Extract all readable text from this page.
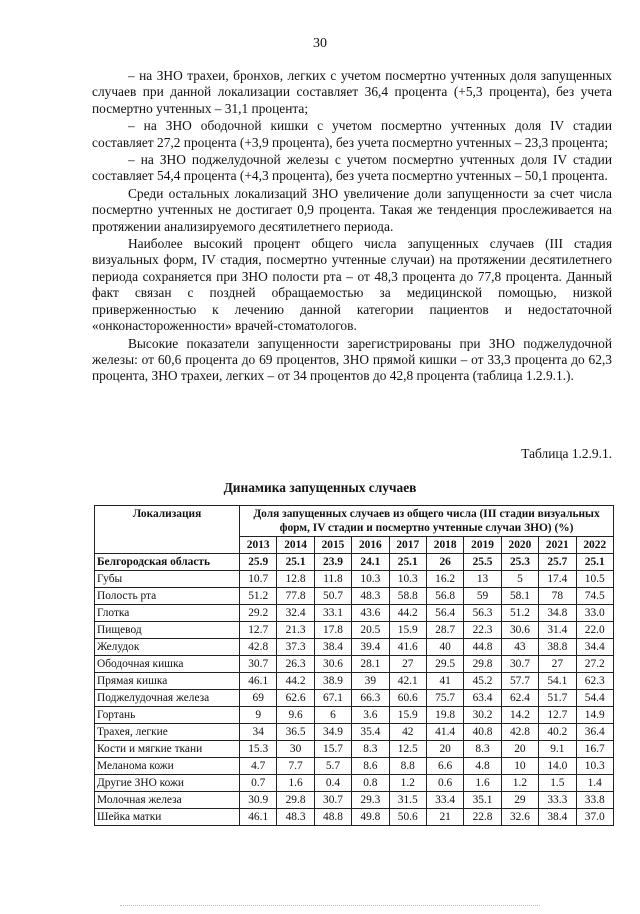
30

– на ЗНО трахеи, бронхов, легких с учетом посмертно учтенных доля запущенных случаев при данной локализации составляет 36,4 процента (+5,3 процента), без учета посмертно учтенных – 31,1 процента;

– на ЗНО ободочной кишки с учетом посмертно учтенных доля IV стадии составляет 27,2 процента (+3,9 процента), без учета посмертно учтенных – 23,3 процента;

– на ЗНО поджелудочной железы с учетом посмертно учтенных доля IV стадии составляет 54,4 процента (+4,3 процента), без учета посмертно учтенных – 50,1 процента.

Среди остальных локализаций ЗНО увеличение доли запущенности за счет числа посмертно учтенных не достигает 0,9 процента. Такая же тенденция прослеживается на протяжении анализируемого десятилетнего периода.

Наиболее высокий процент общего числа запущенных случаев (III стадия визуальных форм, IV стадия, посмертно учтенные случаи) на протяжении десятилетнего периода сохраняется при ЗНО полости рта – от 48,3 процента до 77,8 процента. Данный факт связан с поздней обращаемостью за медицинской помощью, низкой приверженностью к лечению данной категории пациентов и недостаточной «онконастороженности» врачей-стоматологов.

Высокие показатели запущенности зарегистрированы при ЗНО поджелудочной железы: от 60,6 процента до 69 процентов, ЗНО прямой кишки – от 33,3 процента до 62,3 процента, ЗНО трахеи, легких – от 34 процентов до 42,8 процента (таблица 1.2.9.1.).

Таблица 1.2.9.1.
Динамика запущенных случаев
Локализация	Доля запущенных случаев из общего числа (III стадии визуальных форм, IV стадии и посмертно учтенные случаи ЗНО) (%)									
	2013	2014	2015	2016	2017	2018	2019	2020	2021	2022
Белгородская область	25.9	25.1	23.9	24.1	25.1	26	25.5	25.3	25.7	25.1
Губы	10.7	12.8	11.8	10.3	10.3	16.2	13	5	17.4	10.5
Полость рта	51.2	77.8	50.7	48.3	58.8	56.8	59	58.1	78	74.5
Глотка	29.2	32.4	33.1	43.6	44.2	56.4	56.3	51.2	34.8	33.0
Пищевод	12.7	21.3	17.8	20.5	15.9	28.7	22.3	30.6	31.4	22.0
Желудок	42.8	37.3	38.4	39.4	41.6	40	44.8	43	38.8	34.4
Ободочная кишка	30.7	26.3	30.6	28.1	27	29.5	29.8	30.7	27	27.2
Прямая кишка	46.1	44.2	38.9	39	42.1	41	45.2	57.7	54.1	62.3
Поджелудочная железа	69	62.6	67.1	66.3	60.6	75.7	63.4	62.4	51.7	54.4
Гортань	9	9.6	6	3.6	15.9	19.8	30.2	14.2	12.7	14.9
Трахея, легкие	34	36.5	34.9	35.4	42	41.4	40.8	42.8	40.2	36.4
Кости и мягкие ткани	15.3	30	15.7	8.3	12.5	20	8.3	20	9.1	16.7
Меланома кожи	4.7	7.7	5.7	8.6	8.8	6.6	4.8	10	14.0	10.3
Другие ЗНО кожи	0.7	1.6	0.4	0.8	1.2	0.6	1.6	1.2	1.5	1.4
Молочная железа	30.9	29.8	30.7	29.3	31.5	33.4	35.1	29	33.3	33.8
Шейка матки	46.1	48.3	48.8	49.8	50.6	21	22.8	32.6	38.4	37.0
